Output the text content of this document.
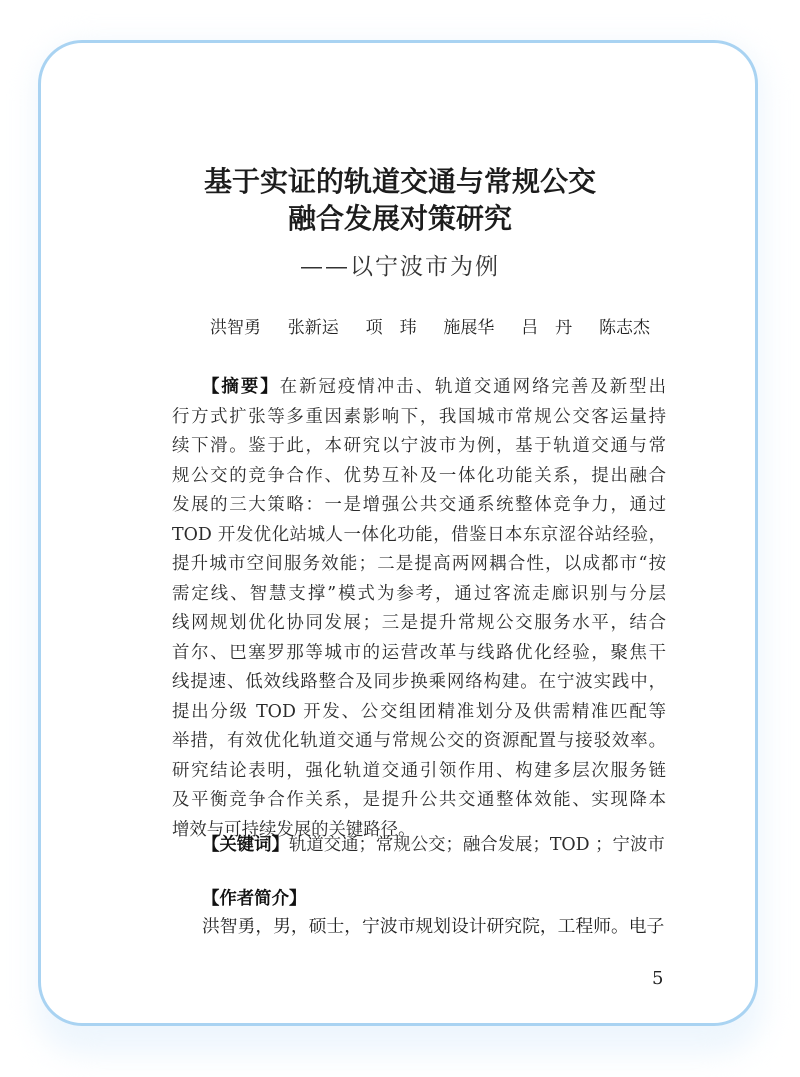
基于实证的轨道交通与常规公交
融合发展对策研究
——以宁波市为例
洪智勇 张新运 项　玮 施展华 吕　丹 陈志杰
【摘要】在新冠疫情冲击、轨道交通网络完善及新型出
行方式扩张等多重因素影响下，我国城市常规公交客运量持
续下滑。鉴于此，本研究以宁波市为例，基于轨道交通与常
规公交的竞争合作、优势互补及一体化功能关系，提出融合
发展的三大策略：一是增强公共交通系统整体竞争力，通过
TOD 开发优化站城人一体化功能，借鉴日本东京涩谷站经验，
提升城市空间服务效能；二是提高两网耦合性，以成都市“按
需定线、智慧支撑”模式为参考，通过客流走廊识别与分层
线网规划优化协同发展；三是提升常规公交服务水平，结合
首尔、巴塞罗那等城市的运营改革与线路优化经验，聚焦干
线提速、低效线路整合及同步换乘网络构建。在宁波实践中，
提出分级 TOD 开发、公交组团精准划分及供需精准匹配等
举措，有效优化轨道交通与常规公交的资源配置与接驳效率。
研究结论表明，强化轨道交通引领作用、构建多层次服务链
及平衡竞争合作关系，是提升公共交通整体效能、实现降本
增效与可持续发展的关键路径。
【关键词】轨道交通；常规公交；融合发展；TOD ；宁波市
【作者简介】
洪智勇，男，硕士，宁波市规划设计研究院，工程师。电子
5
